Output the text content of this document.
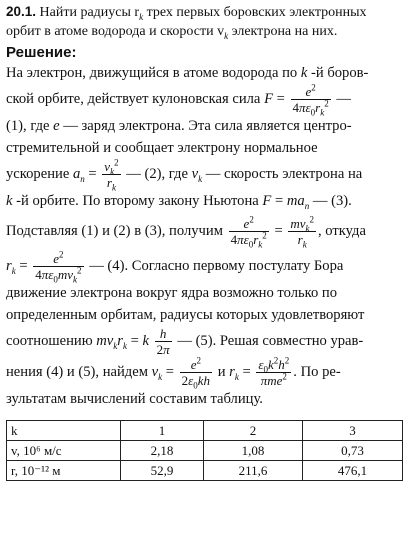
20.1. Найти радиусы $r_k$ трех первых боровских электронных
орбит в атоме водорода и скорости $v_k$ электрона на них.

Решение:
На электрон, движущийся в атоме водорода по k -й боров-
ской орбите, действует кулоновская сила $F = \frac{e^2}{4\pi\varepsilon_0r_k^2}$ —
(1), где e — заряд электрона. Эта сила является центро-
стремительной и сообщает электрону нормальное
ускорение $a_n = \frac{v_k^2}{r_k}$ — (2), где $v_k$ — скорость электрона на
k -й орбите. По второму закону Ньютона $F = ma_n$ — (3).
Подставляя (1) и (2) в (3), получим $\frac{e^2}{4\pi\varepsilon_0r_k^2} = \frac{mv_k^2}{r_k}$ , откуда
$r_k = \frac{e^2}{4\pi\varepsilon_0mv_k^2}$ — (4). Согласно первому постулату Бора
движение электрона вокруг ядра возможно только по
определенным орбитам, радиусы которых удовлетворяют
соотношению $mv_kr_k = k \frac{h}{2\pi}$ — (5). Решая совместно урав-
нения (4) и (5), найдем $v_k = \frac{e^2}{2\varepsilon_0kh}$ и $r_k = \frac{\varepsilon_0k^2h^2}{\pi me^2}$ . По ре-
зультатам вычислений составим таблицу.
k	1	2	3
v, 10⁶ м/с	2,18	1,08	0,73
r, 10⁻¹² м	52,9	211,6	476,1
